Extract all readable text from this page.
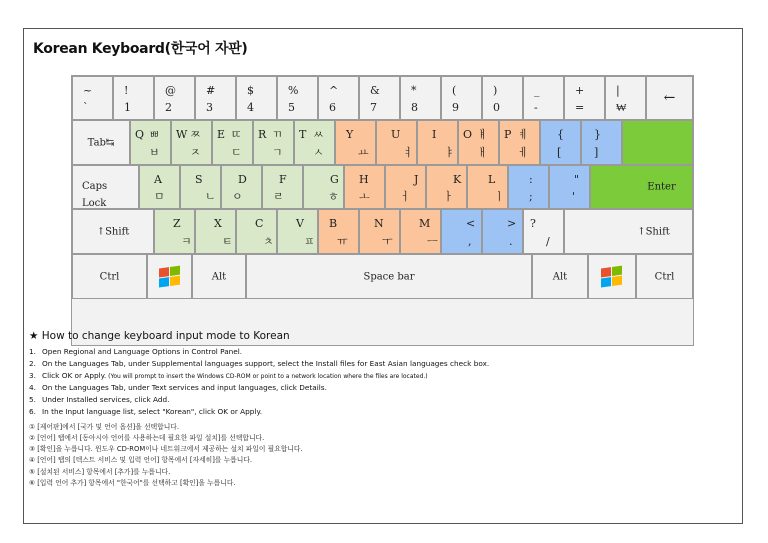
Korean Keyboard(한국어 자판)
~
`
!
1
@
2
#
3
$
4
%
5
^
6
&
7
*
8
(
9
)
0
_
-
+
=
|
₩
←
Tab↹
Q ㅃ
ㅂ
W ㅉ
ㅈ
E ㄸ
ㄷ
R ㄲ
ㄱ
T ㅆ
ㅅ
Y
ㅛ
U
ㅕ
I
ㅑ
O ㅒ
ㅐ
P ㅖ
ㅔ
{
[
}
]
Caps
Lock
A
ㅁ
S
ㄴ
D
ㅇ
F
ㄹ
G
ㅎ
H
ㅗ
J
ㅓ
K
ㅏ
L
ㅣ
:
;
"
'
Enter
↑Shift
Z
ㅋ
X
ㅌ
C
ㅊ
V
ㅍ
B
ㅠ
N
ㅜ
M
ㅡ
<
,
>
.
?
/
↑Shift
Ctrl	Alt	Space bar	Alt	Ctrl
★ How to change keyboard input mode to Korean
1. Open Regional and Language Options in Control Panel.
2. On the Languages Tab, under Supplemental languages support, select the Install files for East Asian languages check box.
3. Click OK or Apply. (You will prompt to insert the Windows CD-ROM or point to a network location where the files are located.)
4. On the Languages Tab, under Text services and input languages, click Details.
5. Under Installed services, click Add.
6. In the Input language list, select "Korean", click OK or Apply.
① [제어판]에서 [국가 및 언어 옵션]을 선택합니다.
② [언어] 탭에서 [동아시아 언어를 사용하는데 필요한 파일 설치]를 선택합니다.
③ [확인]을 누릅니다. 윈도우 CD-ROM이나 네트워크에서 제공하는 설치 파일이 필요합니다.
④ [언어] 탭의 [텍스트 서비스 및 입력 언어] 항목에서 [자세히]를 누릅니다.
⑤ [설치된 서비스] 항목에서 [추가]를 누릅니다.
⑥ [입력 언어 추가] 항목에서 "한국어"를 선택하고 [확인]을 누릅니다.
